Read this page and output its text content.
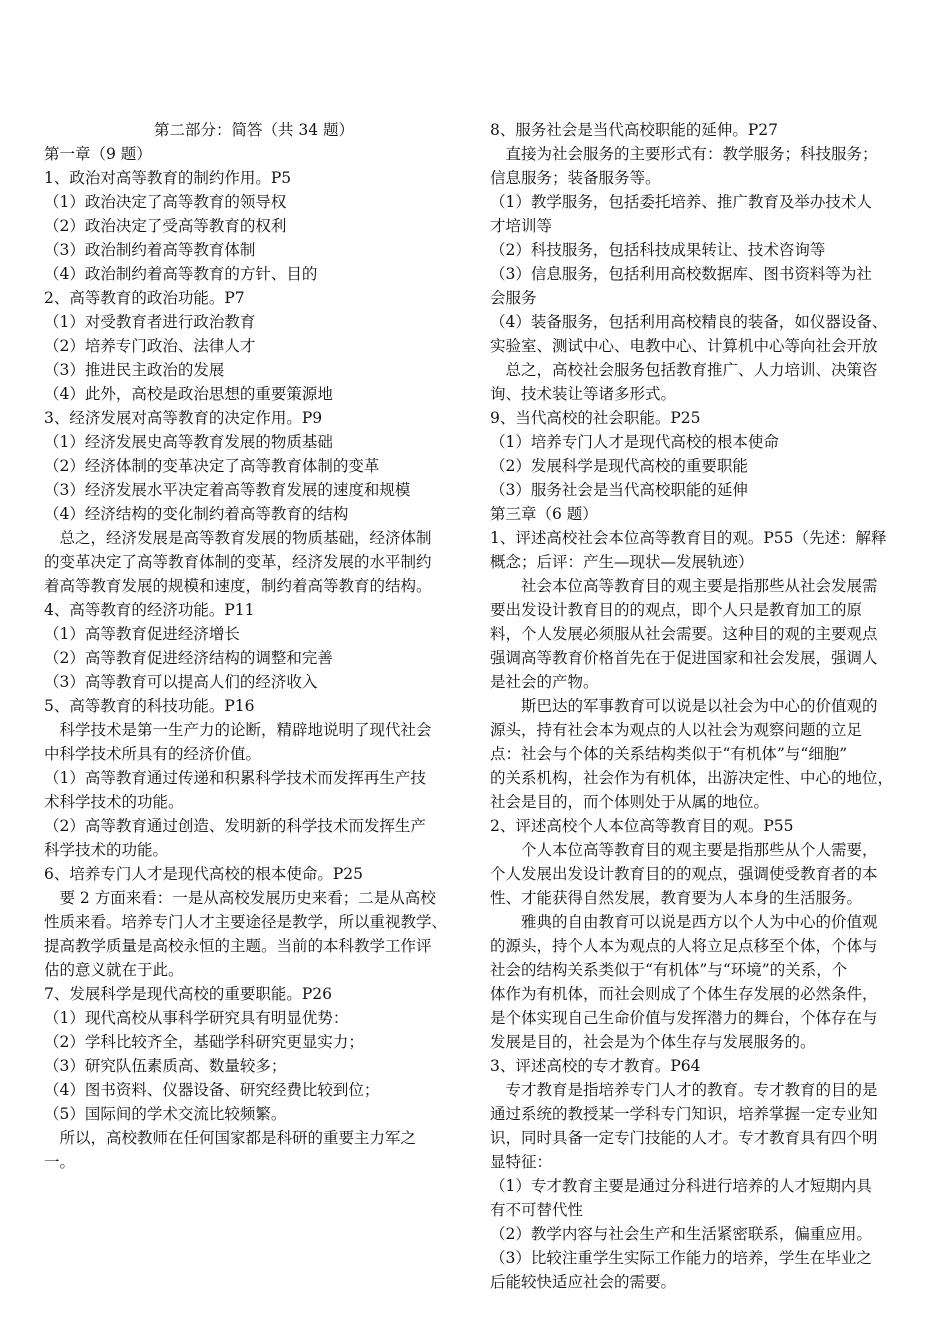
第二部分：简答（共 34 题）

第一章（9 题）

1、政治对高等教育的制约作用。P5

（1）政治决定了高等教育的领导权

（2）政治决定了受高等教育的权利

（3）政治制约着高等教育体制

（4）政治制约着高等教育的方针、目的

2、高等教育的政治功能。P7

（1）对受教育者进行政治教育

（2）培养专门政治、法律人才

（3）推进民主政治的发展

（4）此外，高校是政治思想的重要策源地

3、经济发展对高等教育的决定作用。P9

（1）经济发展史高等教育发展的物质基础

（2）经济体制的变革决定了高等教育体制的变革

（3）经济发展水平决定着高等教育发展的速度和规模

（4）经济结构的变化制约着高等教育的结构

　总之，经济发展是高等教育发展的物质基础，经济体制

的变革决定了高等教育体制的变革，经济发展的水平制约

着高等教育发展的规模和速度，制约着高等教育的结构。

4、高等教育的经济功能。P11

（1）高等教育促进经济增长

（2）高等教育促进经济结构的调整和完善

（3）高等教育可以提高人们的经济收入

5、高等教育的科技功能。P16

　科学技术是第一生产力的论断，精辟地说明了现代社会

中科学技术所具有的经济价值。

（1）高等教育通过传递和积累科学技术而发挥再生产技

术科学技术的功能。

（2）高等教育通过创造、发明新的科学技术而发挥生产

科学技术的功能。

6、培养专门人才是现代高校的根本使命。P25

　要 2 方面来看：一是从高校发展历史来看；二是从高校

性质来看。培养专门人才主要途径是教学，所以重视教学、

提高教学质量是高校永恒的主题。当前的本科教学工作评

估的意义就在于此。

7、发展科学是现代高校的重要职能。P26

（1）现代高校从事科学研究具有明显优势：

（2）学科比较齐全，基础学科研究更显实力；

（3）研究队伍素质高、数量较多；

（4）图书资料、仪器设备、研究经费比较到位；

（5）国际间的学术交流比较频繁。

　所以，高校教师在任何国家都是科研的重要主力军之

一。

8、服务社会是当代高校职能的延伸。P27

　直接为社会服务的主要形式有：教学服务；科技服务；

信息服务；装备服务等。

（1）教学服务，包括委托培养、推广教育及举办技术人

才培训等

（2）科技服务，包括科技成果转让、技术咨询等

（3）信息服务，包括利用高校数据库、图书资料等为社

会服务

（4）装备服务，包括利用高校精良的装备，如仪器设备、

实验室、测试中心、电教中心、计算机中心等向社会开放

　总之，高校社会服务包括教育推广、人力培训、决策咨

询、技术装让等诸多形式。

9、当代高校的社会职能。P25

（1）培养专门人才是现代高校的根本使命

（2）发展科学是现代高校的重要职能

（3）服务社会是当代高校职能的延伸

第三章（6 题）

1、评述高校社会本位高等教育目的观。P55（先述：解释

概念；后评：产生—现状—发展轨迹）

　　社会本位高等教育目的观主要是指那些从社会发展需

要出发设计教育目的的观点，即个人只是教育加工的原

料，个人发展必须服从社会需要。这种目的观的主要观点

强调高等教育价格首先在于促进国家和社会发展，强调人

是社会的产物。

　　斯巴达的军事教育可以说是以社会为中心的价值观的

源头，持有社会本为观点的人以社会为观察问题的立足

点：社会与个体的关系结构类似于“有机体”与“细胞”

的关系机构，社会作为有机体，出游决定性、中心的地位，

社会是目的，而个体则处于从属的地位。

2、评述高校个人本位高等教育目的观。P55

　　个人本位高等教育目的观主要是指那些从个人需要，

个人发展出发设计教育目的的观点，强调使受教育者的本

性、才能获得自然发展，教育要为人本身的生活服务。

　　雅典的自由教育可以说是西方以个人为中心的价值观

的源头，持个人本为观点的人将立足点移至个体，个体与

社会的结构关系类似于“有机体”与“环境”的关系，个

体作为有机体，而社会则成了个体生存发展的必然条件，

是个体实现自己生命价值与发挥潜力的舞台，个体存在与

发展是目的，社会是为个体生存与发展服务的。

3、评述高校的专才教育。P64

　专才教育是指培养专门人才的教育。专才教育的目的是

通过系统的教授某一学科专门知识，培养掌握一定专业知

识，同时具备一定专门技能的人才。专才教育具有四个明

显特征：

（1）专才教育主要是通过分科进行培养的人才短期内具

有不可替代性

（2）教学内容与社会生产和生活紧密联系，偏重应用。

（3）比较注重学生实际工作能力的培养，学生在毕业之

后能较快适应社会的需要。
